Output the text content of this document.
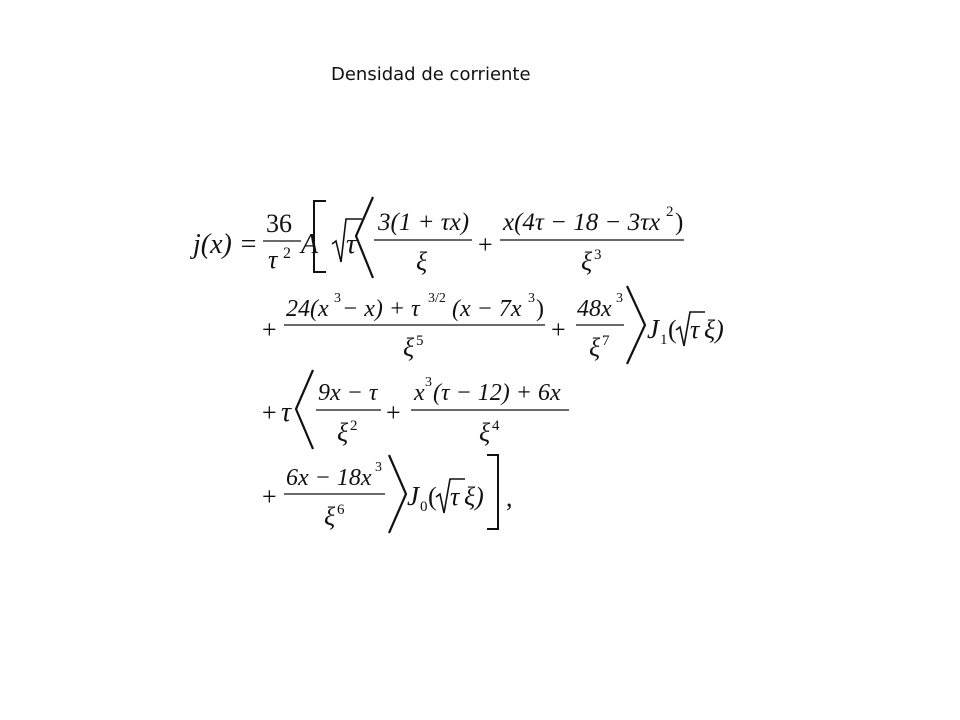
Densidad de corriente
j(x) =
36
τ 2 A τ
3(1 + τx)
ξ
+
x(4τ − 18 − 3τx 2 )
ξ 3
+
24(x 3 − x) + τ 3/2 (x − 7x 3 )
ξ 5	+
48x 3
ξ 7 J 1 ( τ ξ)
+ τ
9x − τ
ξ 2 +
x 3 (τ − 12) + 6x
ξ 4
+
6x − 18x 3
ξ 6 J 0 ( τ ξ) ,
